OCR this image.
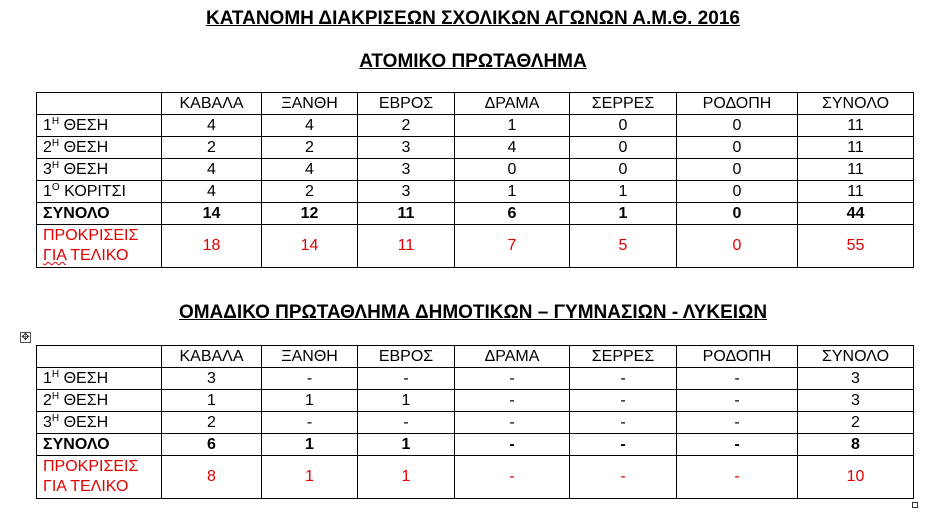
ΚΑΤΑΝΟΜΗ ΔΙΑΚΡΙΣΕΩΝ ΣΧΟΛΙΚΩΝ ΑΓΩΝΩΝ Α.Μ.Θ. 2016
ΑΤΟΜΙΚΟ ΠΡΩΤΑΘΛΗΜΑ
ΟΜΑΔΙΚΟ ΠΡΩΤΑΘΛΗΜΑ ΔΗΜΟΤΙΚΩΝ – ΓΥΜΝΑΣΙΩΝ - ΛΥΚΕΙΩΝ
	ΚΑΒΑΛΑ	ΞΑΝΘΗ	ΕΒΡΟΣ	ΔΡΑΜΑ	ΣΕΡΡΕΣ	ΡΟΔΟΠΗ	ΣΥΝΟΛΟ
$1^H$ ΘΕΣΗ	4	4	2	1	0	0	11
$2^H$ ΘΕΣΗ	2	2	3	4	0	0	11
$3^H$ ΘΕΣΗ	4	4	3	0	0	0	11
$1^O$ ΚΟΡΙΤΣΙ	4	2	3	1	1	0	11
ΣΥΝΟΛΟ	14	12	11	6	1	0	44
ΠΡΟΚΡΙΣΕΙΣ
ΓΙΑ ΤΕΛΙΚΟ	18	14	11	7	5	0	55
✥
	ΚΑΒΑΛΑ	ΞΑΝΘΗ	ΕΒΡΟΣ	ΔΡΑΜΑ	ΣΕΡΡΕΣ	ΡΟΔΟΠΗ	ΣΥΝΟΛΟ
$1^H$ ΘΕΣΗ	3	-	-	-	-	-	3
$2^H$ ΘΕΣΗ	1	1	1	-	-	-	3
$3^H$ ΘΕΣΗ	2	-	-	-	-	-	2
ΣΥΝΟΛΟ	6	1	1	-	-	-	8
ΠΡΟΚΡΙΣΕΙΣ
ΓΙΑ ΤΕΛΙΚΟ	8	1	1	-	-	-	10
